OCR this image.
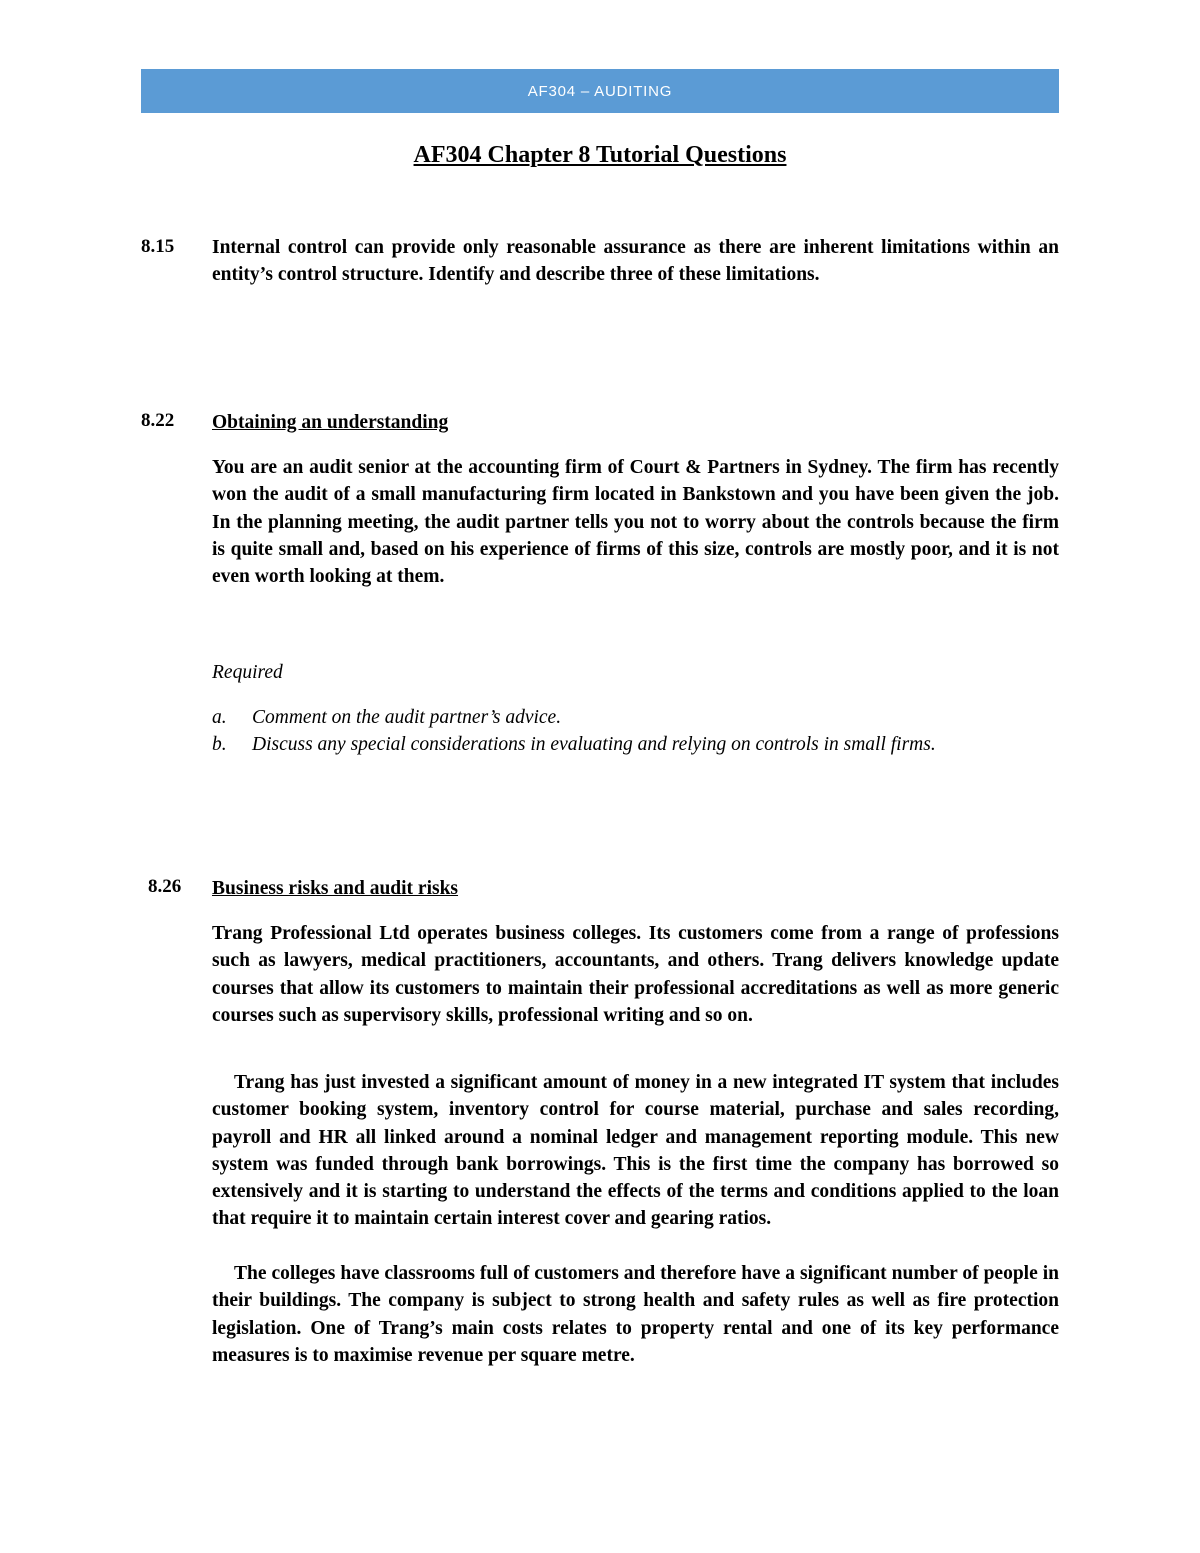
AF304 – AUDITING
AF304 Chapter 8 Tutorial Questions
8.15 Internal control can provide only reasonable assurance as there are inherent limitations within an entity’s control structure. Identify and describe three of these limitations.
8.22 Obtaining an understanding
You are an audit senior at the accounting firm of Court & Partners in Sydney. The firm has recently won the audit of a small manufacturing firm located in Bankstown and you have been given the job. In the planning meeting, the audit partner tells you not to worry about the controls because the firm is quite small and, based on his experience of firms of this size, controls are mostly poor, and it is not even worth looking at them.
Required
a. Comment on the audit partner’s advice.
b. Discuss any special considerations in evaluating and relying on controls in small firms.
8.26 Business risks and audit risks
Trang Professional Ltd operates business colleges. Its customers come from a range of professions such as lawyers, medical practitioners, accountants, and others. Trang delivers knowledge update courses that allow its customers to maintain their professional accreditations as well as more generic courses such as supervisory skills, professional writing and so on.
Trang has just invested a significant amount of money in a new integrated IT system that includes customer booking system, inventory control for course material, purchase and sales recording, payroll and HR all linked around a nominal ledger and management reporting module. This new system was funded through bank borrowings. This is the first time the company has borrowed so extensively and it is starting to understand the effects of the terms and conditions applied to the loan that require it to maintain certain interest cover and gearing ratios.
The colleges have classrooms full of customers and therefore have a significant number of people in their buildings. The company is subject to strong health and safety rules as well as fire protection legislation. One of Trang’s main costs relates to property rental and one of its key performance measures is to maximise revenue per square metre.
